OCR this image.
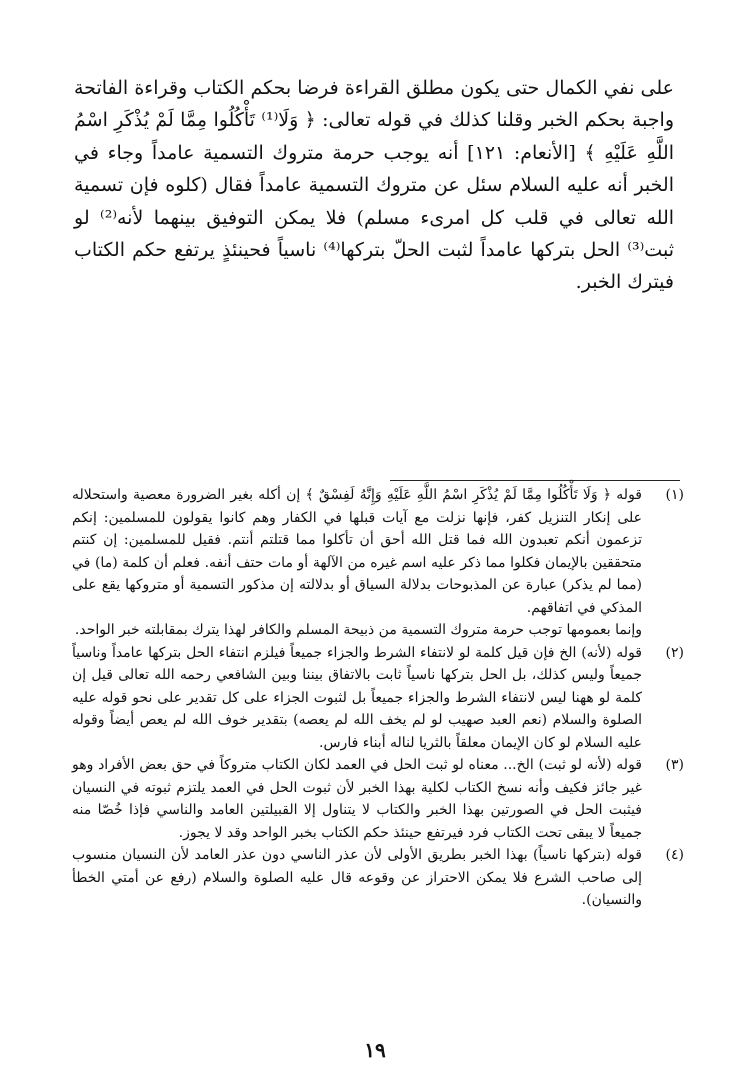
على نفي الكمال حتى يكون مطلق القراءة فرضا بحكم الكتاب وقراءة الفاتحة واجبة بحكم الخبر وقلنا كذلك في قوله تعالى: ﴿ وَلَا⁽¹⁾ تَأْكُلُوا مِمَّا لَمْ يُذْكَرِ اسْمُ اللَّهِ عَلَيْهِ ﴾ [الأنعام: ١٢١] أنه يوجب حرمة متروك التسمية عامداً وجاء في الخبر أنه عليه السلام سئل عن متروك التسمية عامداً فقال (كلوه فإن تسمية الله تعالى في قلب كل امرىء مسلم) فلا يمكن التوفيق بينهما لأنه⁽²⁾ لو ثبت⁽³⁾ الحل بتركها عامداً لثبت الحلّ بتركها⁽⁴⁾ ناسياً فحينئذٍ يرتفع حكم الكتاب فيترك الخبر.

(١)

قوله ﴿ وَلَا تَأْكُلُوا مِمَّا لَمْ يُذْكَرِ اسْمُ اللَّهِ عَلَيْهِ وَإِنَّهُ لَفِسْقٌ ﴾ إن أكله بغير الضرورة معصية واستحلاله على إنكار التنزيل كفر، فإنها نزلت مع آيات قبلها في الكفار وهم كانوا يقولون للمسلمين: إنكم تزعمون أنكم تعبدون الله فما قتل الله أحق أن تأكلوا مما قتلتم أنتم. فقيل للمسلمين: إن كنتم متحققين بالإيمان فكلوا مما ذكر عليه اسم غيره من الآلهة أو مات حتف أنفه. فعلم أن كلمة (ما) في (مما لم يذكر) عبارة عن المذبوحات بدلالة السياق أو بدلالته إن مذكور التسمية أو متروكها يقع على المذكي في اتفاقهم.

وإنما بعمومها توجب حرمة متروك التسمية من ذبيحة المسلم والكافر لهذا يترك بمقابلته خبر الواحد.

(٢)

قوله (لأنه) الخ فإن قيل كلمة لو لانتفاء الشرط والجزاء جميعاً فيلزم انتفاء الحل بتركها عامداً وناسياً جميعاً وليس كذلك، بل الحل بتركها ناسياً ثابت بالاتفاق بيننا وبين الشافعي رحمه الله تعالى قيل إن كلمة لو ههنا ليس لانتفاء الشرط والجزاء جميعاً بل لثبوت الجزاء على كل تقدير على نحو قوله عليه الصلوة والسلام (نعم العبد صهيب لو لم يخف الله لم يعصه) بتقدير خوف الله لم يعص أيضاً وقوله عليه السلام لو كان الإيمان معلقاً بالثريا لناله أبناء فارس.

(٣)

قوله (لأنه لو ثبت) الخ... معناه لو ثبت الحل في العمد لكان الكتاب متروكاً في حق بعض الأفراد وهو غير جائز فكيف وأنه نسخ الكتاب لكلية بهذا الخبر لأن ثبوت الحل في العمد يلتزم ثبوته في النسيان فيثبت الحل في الصورتين بهذا الخبر والكتاب لا يتناول إلا القبيلتين العامد والناسي فإذا خُصّا منه جميعاً لا يبقى تحت الكتاب فرد فيرتفع حينئذ حكم الكتاب بخبر الواحد وقد لا يجوز.

(٤)

قوله (بتركها ناسياً) بهذا الخبر بطريق الأولى لأن عذر الناسي دون عذر العامد لأن النسيان منسوب إلى صاحب الشرع فلا يمكن الاحتراز عن وقوعه قال عليه الصلوة والسلام (رفع عن أمتي الخطأ والنسيان).

١٩
